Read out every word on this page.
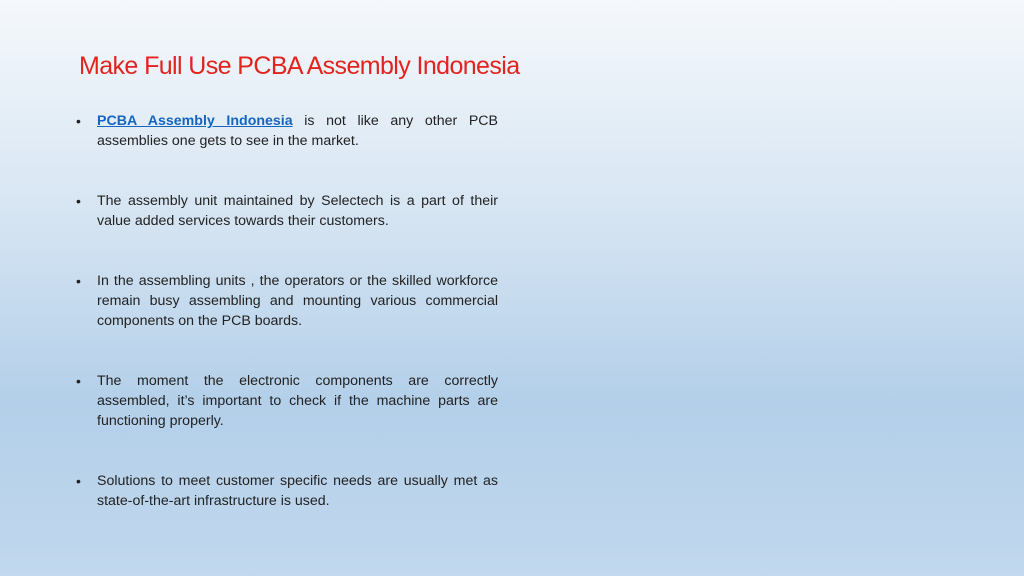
Make Full Use PCBA Assembly Indonesia
• PCBA Assembly Indonesia is not like any other PCB assemblies one gets to see in the market.
• The assembly unit maintained by Selectech is a part of their value added services towards their customers.
• In the assembling units , the operators or the skilled workforce remain busy assembling and mounting various commercial components on the PCB boards.
• The moment the electronic components are correctly assembled, it’s important to check if the machine parts are functioning properly.
• Solutions to meet customer specific needs are usually met as state-of-the-art infrastructure is used.
